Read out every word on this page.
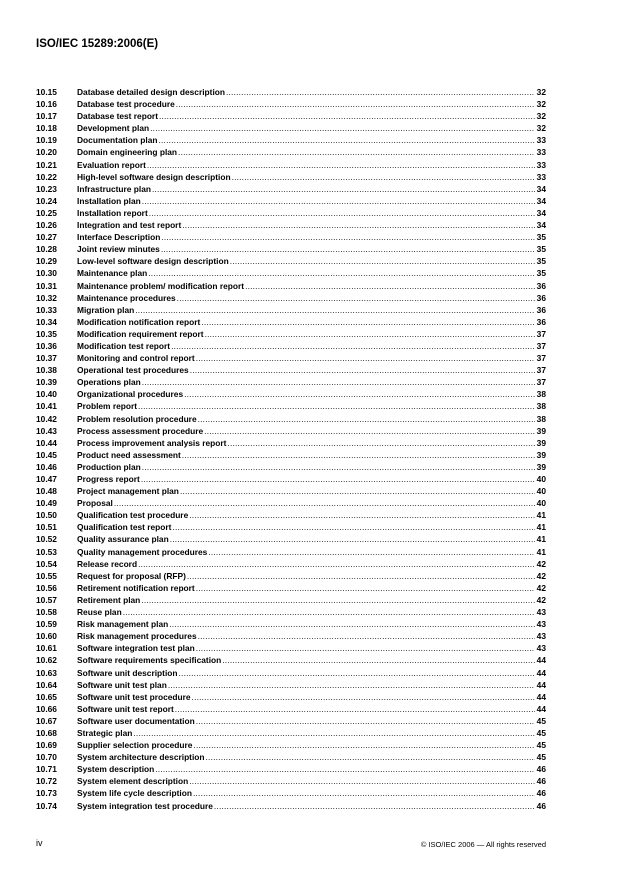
ISO/IEC 15289:2006(E)
10.15	Database detailed design description .....	32
10.16	Database test procedure .....	32
10.17	Database test report .....	32
10.18	Development plan .....	32
10.19	Documentation plan .....	33
10.20	Domain engineering plan .....	33
10.21	Evaluation report .....	33
10.22	High-level software design description .....	33
10.23	Infrastructure plan .....	34
10.24	Installation plan .....	34
10.25	Installation report .....	34
10.26	Integration and test report .....	34
10.27	Interface Description .....	35
10.28	Joint review minutes .....	35
10.29	Low-level software design description .....	35
10.30	Maintenance plan .....	35
10.31	Maintenance problem/ modification report .....	36
10.32	Maintenance procedures .....	36
10.33	Migration plan .....	36
10.34	Modification notification report .....	36
10.35	Modification requirement report .....	37
10.36	Modification test report .....	37
10.37	Monitoring and control report .....	37
10.38	Operational test procedures .....	37
10.39	Operations plan .....	37
10.40	Organizational procedures .....	38
10.41	Problem report .....	38
10.42	Problem resolution procedure .....	38
10.43	Process assessment procedure .....	39
10.44	Process improvement analysis report .....	39
10.45	Product need assessment .....	39
10.46	Production plan .....	39
10.47	Progress report .....	40
10.48	Project management plan .....	40
10.49	Proposal .....	40
10.50	Qualification test procedure .....	41
10.51	Qualification test report .....	41
10.52	Quality assurance plan .....	41
10.53	Quality management procedures .....	41
10.54	Release record .....	42
10.55	Request for proposal (RFP) .....	42
10.56	Retirement notification report .....	42
10.57	Retirement plan .....	42
10.58	Reuse plan .....	43
10.59	Risk management plan .....	43
10.60	Risk management procedures .....	43
10.61	Software integration test plan .....	43
10.62	Software requirements specification .....	44
10.63	Software unit description .....	44
10.64	Software unit test plan .....	44
10.65	Software unit test procedure .....	44
10.66	Software unit test report .....	44
10.67	Software user documentation .....	45
10.68	Strategic plan .....	45
10.69	Supplier selection procedure .....	45
10.70	System architecture description .....	45
10.71	System description .....	46
10.72	System element description .....	46
10.73	System life cycle description .....	46
10.74	System integration test procedure .....	46
iv	© ISO/IEC 2006 — All rights reserved
